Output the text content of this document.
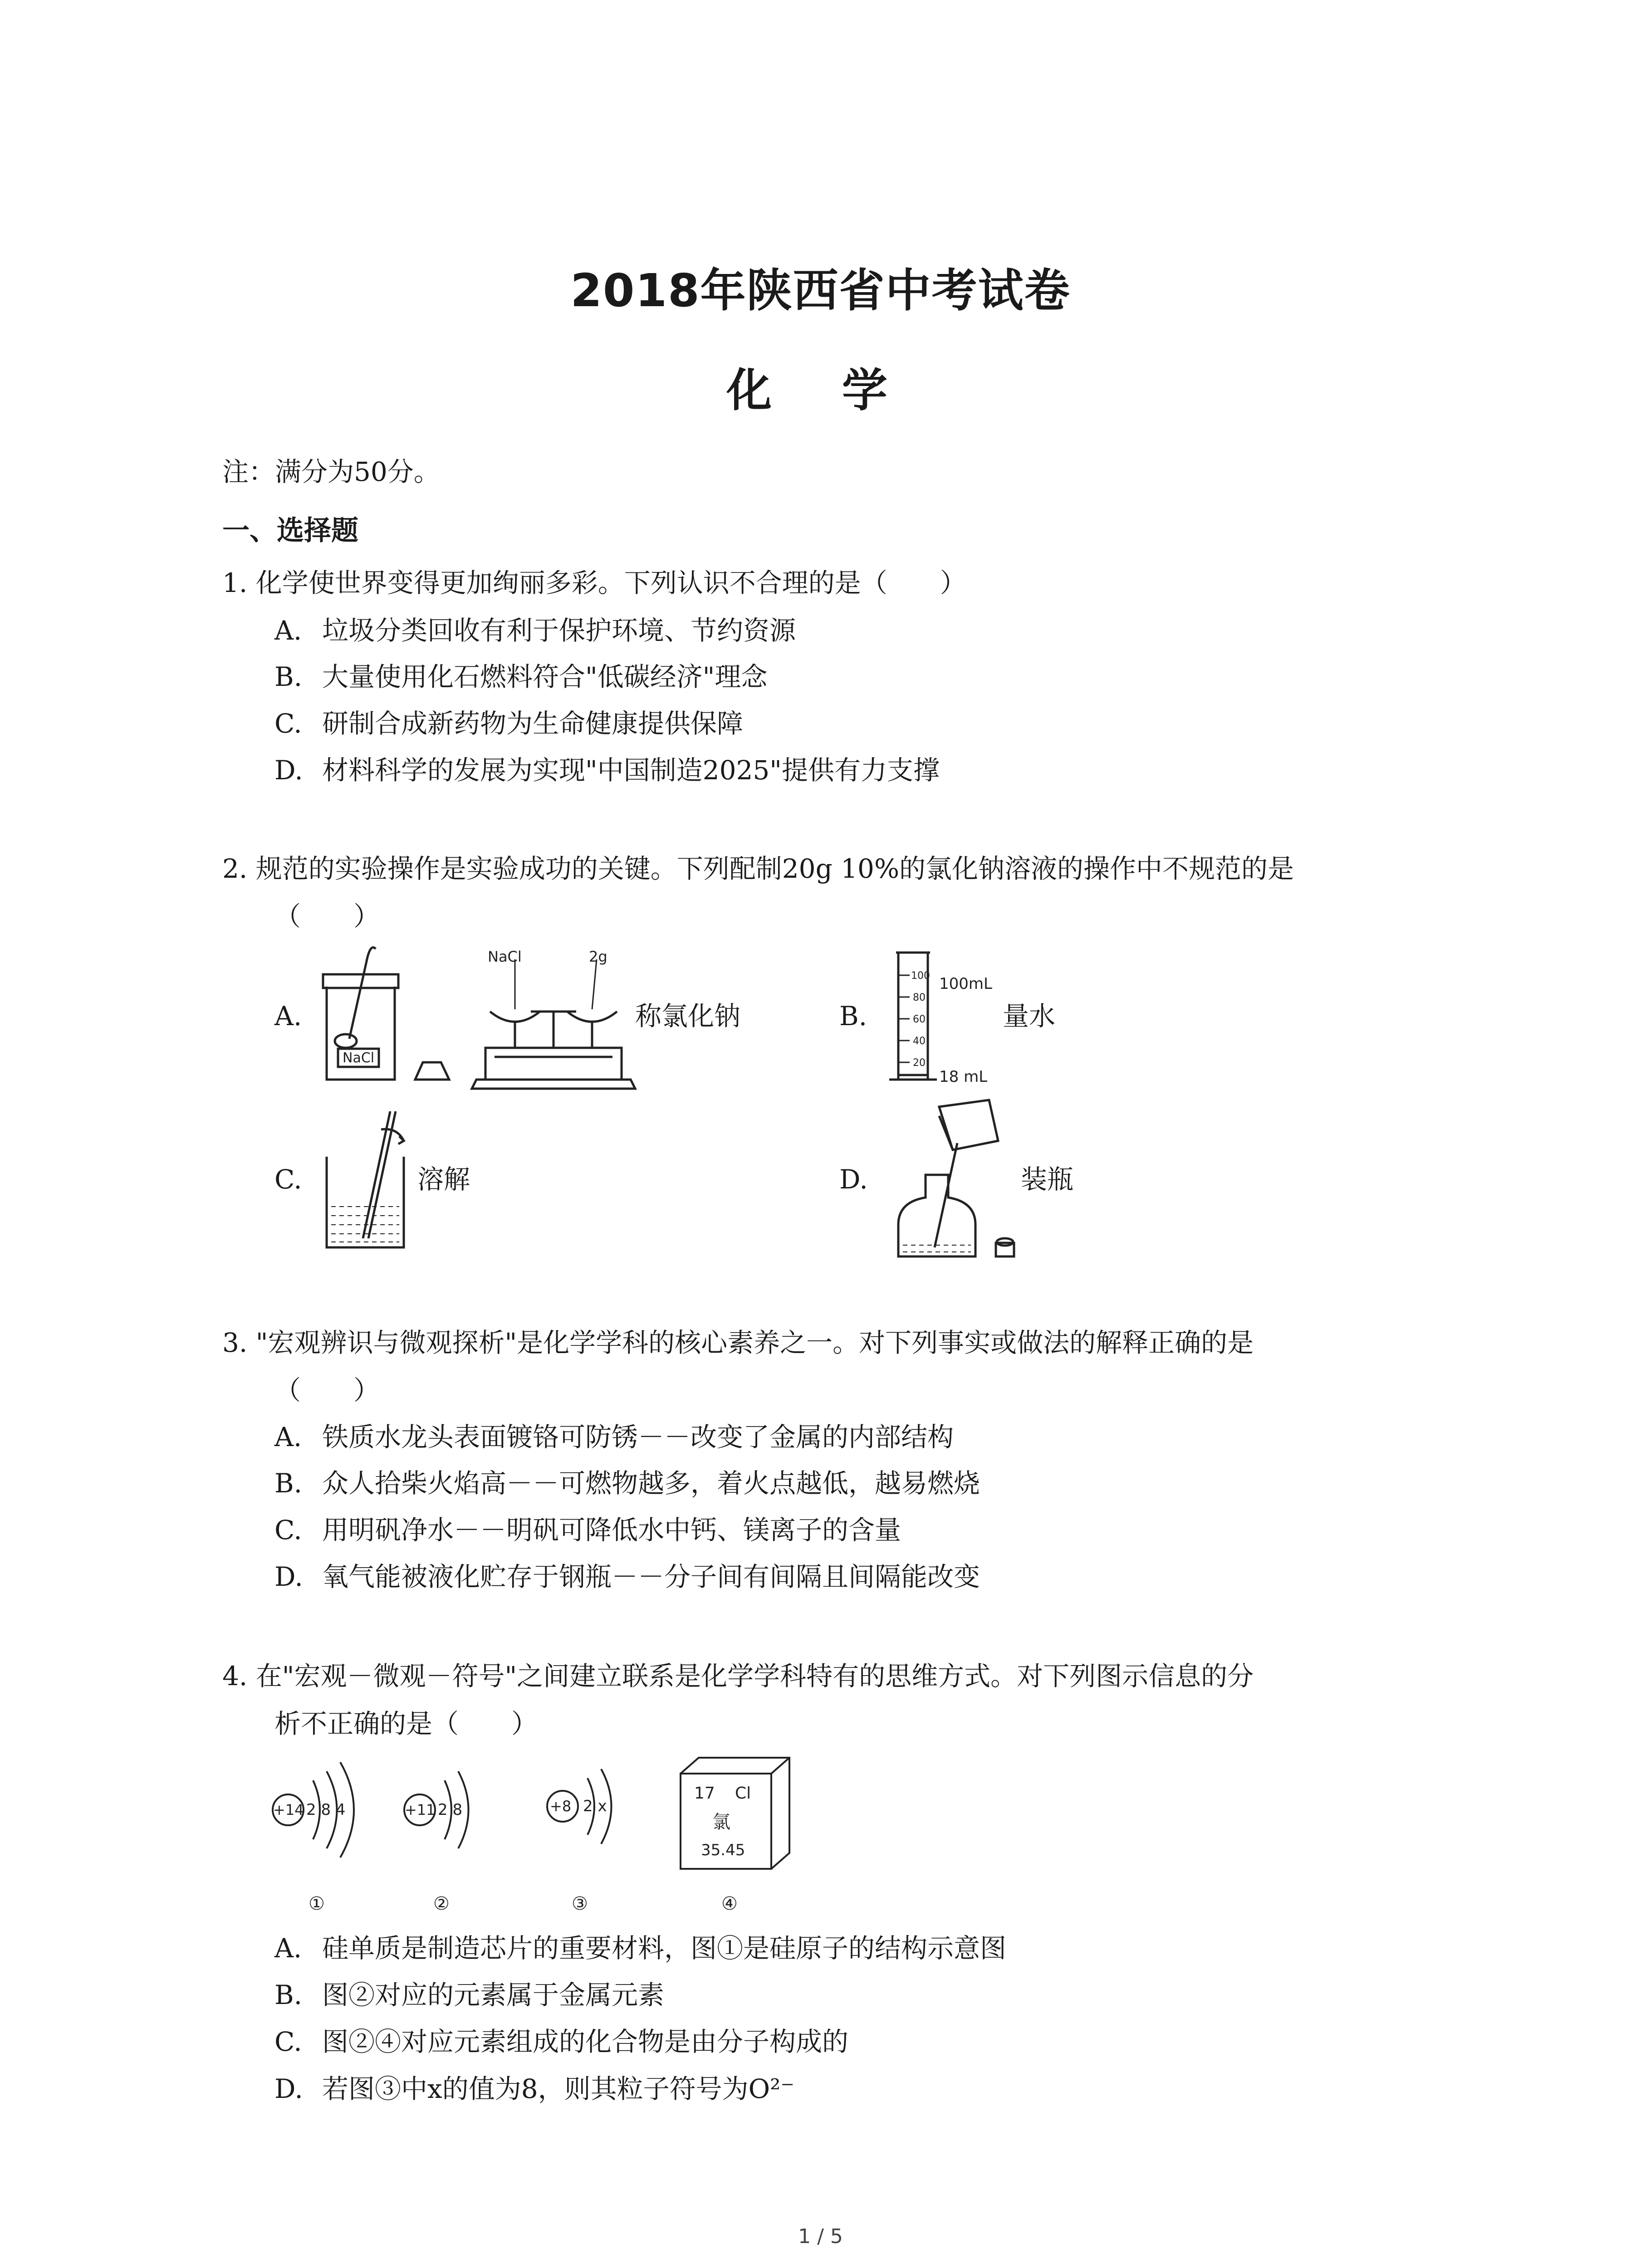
2018年陕西省中考试卷
化 学
注：满分为50分。
一、选择题
1. 化学使世界变得更加绚丽多彩。下列认识不合理的是（　　）
A. 垃圾分类回收有利于保护环境、节约资源
B. 大量使用化石燃料符合"低碳经济"理念
C. 研制合成新药物为生命健康提供保障
D. 材料科学的发展为实现"中国制造2025"提供有力支撑
2. 规范的实验操作是实验成功的关键。下列配制20g 10%的氯化钠溶液的操作中不规范的是
（　　）
A.
NaCl
NaCl	2g
称氯化钠	B.
100
80
60
40
20
100mL
18 mL
量水
C.	溶解	D.	装瓶
3. "宏观辨识与微观探析"是化学学科的核心素养之一。对下列事实或做法的解释正确的是
（　　）
A. 铁质水龙头表面镀铬可防锈－－改变了金属的内部结构
B. 众人拾柴火焰高－－可燃物越多，着火点越低，越易燃烧
C. 用明矾净水－－明矾可降低水中钙、镁离子的含量
D. 氧气能被液化贮存于钢瓶－－分子间有间隔且间隔能改变
4. 在"宏观－微观－符号"之间建立联系是化学学科特有的思维方式。对下列图示信息的分
析不正确的是（　　）
+14 2 8 4	+11 2 8	+8 2 x
17 Cl
氯
35.45
①	②	③	④
A. 硅单质是制造芯片的重要材料，图①是硅原子的结构示意图
B. 图②对应的元素属于金属元素
C. 图②④对应元素组成的化合物是由分子构成的
D. 若图③中x的值为8，则其粒子符号为O²⁻
1 / 5
